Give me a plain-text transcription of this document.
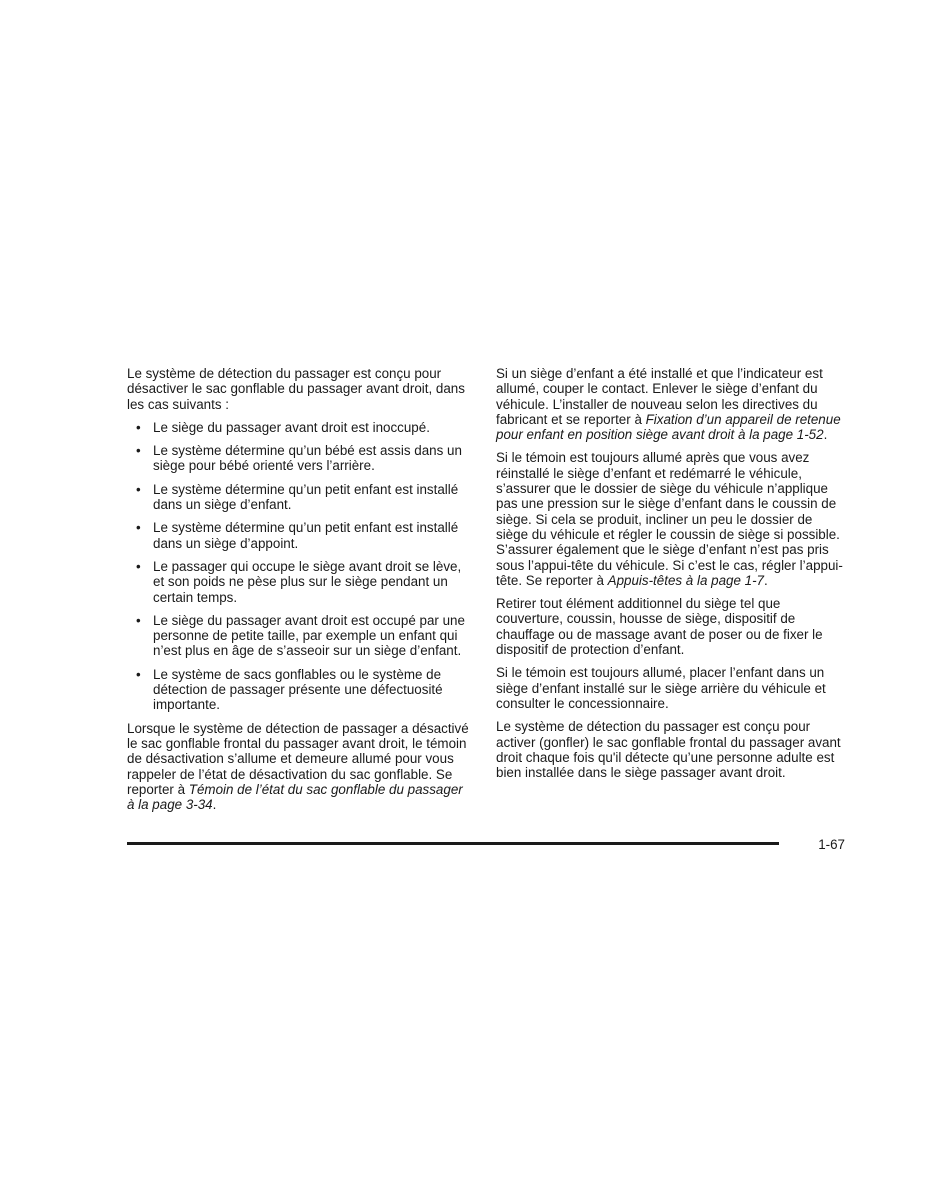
Le système de détection du passager est conçu pour désactiver le sac gonflable du passager avant droit, dans les cas suivants :

• Le siège du passager avant droit est inoccupé.
• Le système détermine qu’un bébé est assis dans un siège pour bébé orienté vers l’arrière.
• Le système détermine qu’un petit enfant est installé dans un siège d’enfant.
• Le système détermine qu’un petit enfant est installé dans un siège d’appoint.
• Le passager qui occupe le siège avant droit se lève, et son poids ne pèse plus sur le siège pendant un certain temps.
• Le siège du passager avant droit est occupé par une personne de petite taille, par exemple un enfant qui n’est plus en âge de s’asseoir sur un siège d’enfant.
• Le système de sacs gonflables ou le système de détection de passager présente une défectuosité importante.

Lorsque le système de détection de passager a désactivé le sac gonflable frontal du passager avant droit, le témoin de désactivation s’allume et demeure allumé pour vous rappeler de l’état de désactivation du sac gonflable. Se reporter à Témoin de l’état du sac gonflable du passager à la page 3-34.

Si un siège d’enfant a été installé et que l’indicateur est allumé, couper le contact. Enlever le siège d’enfant du véhicule. L’installer de nouveau selon les directives du fabricant et se reporter à Fixation d’un appareil de retenue pour enfant en position siège avant droit à la page 1-52.

Si le témoin est toujours allumé après que vous avez réinstallé le siège d’enfant et redémarré le véhicule, s’assurer que le dossier de siège du véhicule n’applique pas une pression sur le siège d’enfant dans le coussin de siège. Si cela se produit, incliner un peu le dossier de siège du véhicule et régler le coussin de siège si possible. S’assurer également que le siège d’enfant n’est pas pris sous l’appui-tête du véhicule. Si c’est le cas, régler l’appui-tête. Se reporter à Appuis-têtes à la page 1-7.

Retirer tout élément additionnel du siège tel que couverture, coussin, housse de siège, dispositif de chauffage ou de massage avant de poser ou de fixer le dispositif de protection d’enfant.

Si le témoin est toujours allumé, placer l’enfant dans un siège d’enfant installé sur le siège arrière du véhicule et consulter le concessionnaire.

Le système de détection du passager est conçu pour activer (gonfler) le sac gonflable frontal du passager avant droit chaque fois qu'il détecte qu’une personne adulte est bien installée dans le siège passager avant droit.

1-67
